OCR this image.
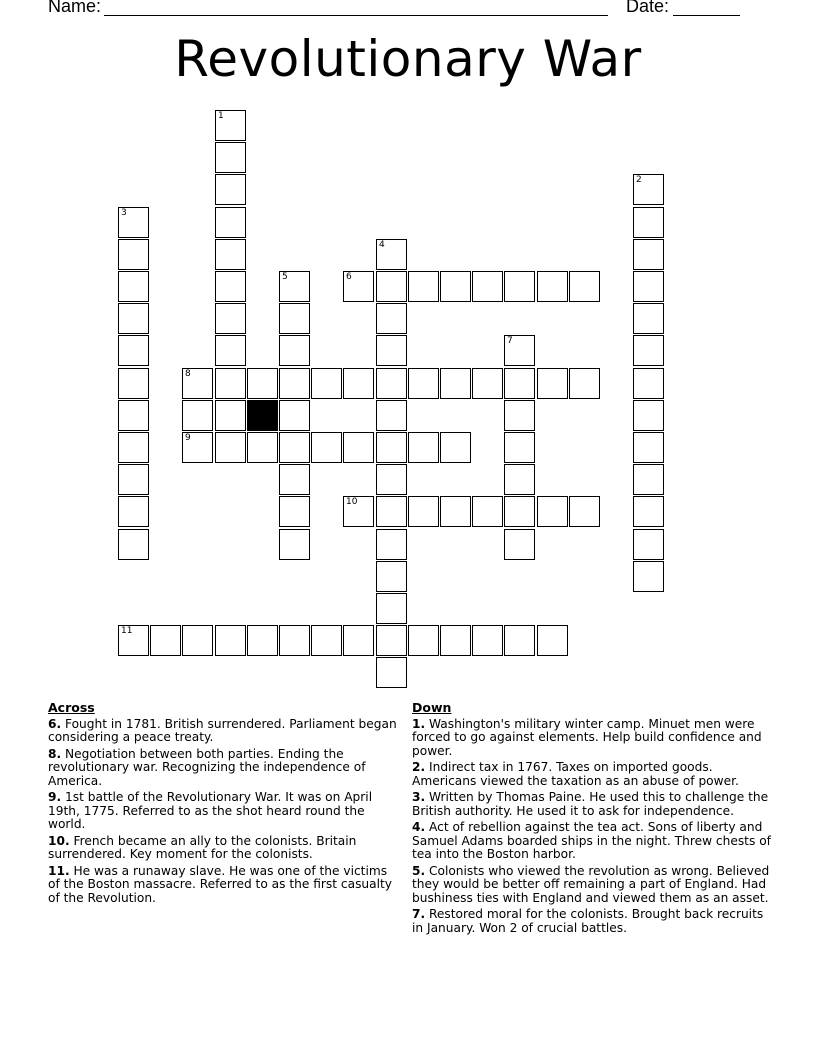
Name:	Date:
Revolutionary War
1
2
3
4
5	6
7
8
9
10
11
Across
6. Fought in 1781. British surrendered. Parliament began considering a peace treaty.
8. Negotiation between both parties. Ending the revolutionary war. Recognizing the independence of America.
9. 1st battle of the Revolutionary War. It was on April 19th, 1775. Referred to as the shot heard round the world.
10. French became an ally to the colonists. Britain surrendered. Key moment for the colonists.
11. He was a runaway slave. He was one of the victims of the Boston massacre. Referred to as the first casualty of the Revolution.
Down
1. Washington's military winter camp. Minuet men were forced to go against elements. Help build confidence and power.
2. Indirect tax in 1767. Taxes on imported goods. Americans viewed the taxation as an abuse of power.
3. Written by Thomas Paine. He used this to challenge the British authority. He used it to ask for independence.
4. Act of rebellion against the tea act. Sons of liberty and Samuel Adams boarded ships in the night. Threw chests of tea into the Boston harbor.
5. Colonists who viewed the revolution as wrong. Believed they would be better off remaining a part of England. Had bushiness ties with England and viewed them as an asset.
7. Restored moral for the colonists. Brought back recruits in January. Won 2 of crucial battles.
